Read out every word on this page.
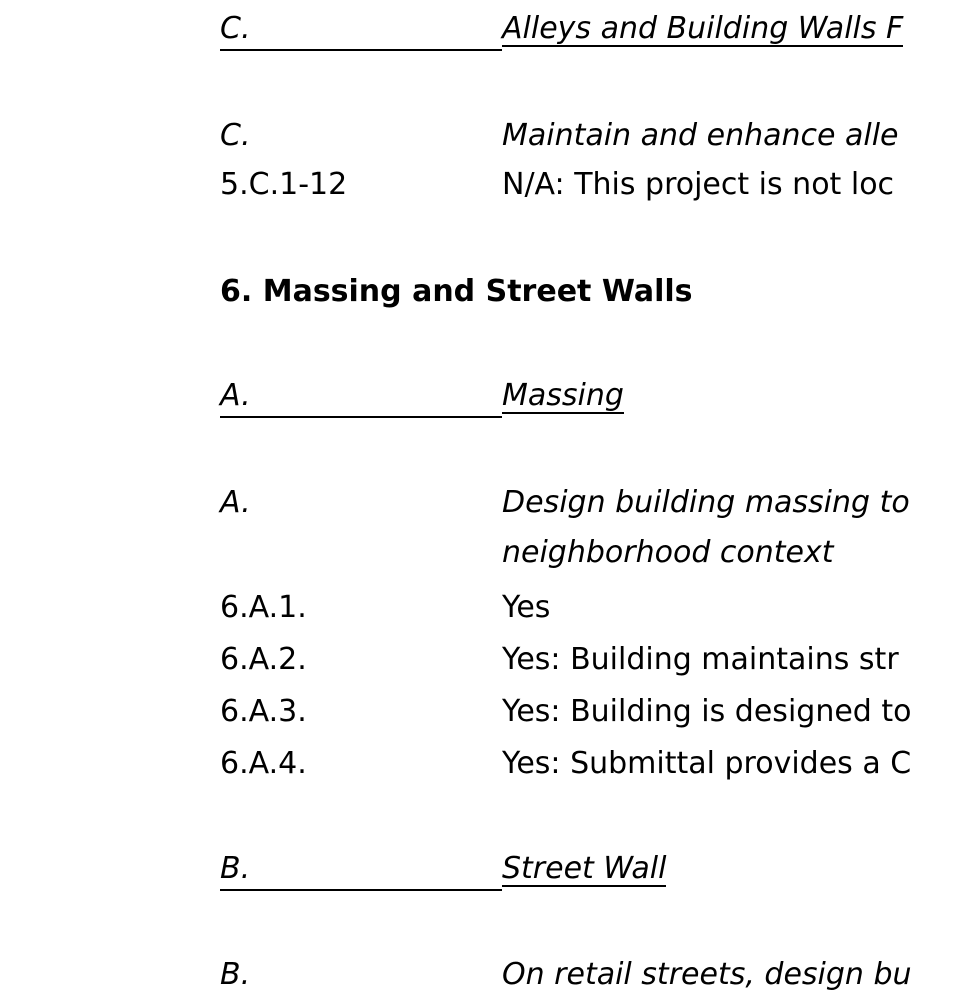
C.	Alleys and Building Walls F
C.	Maintain and enhance alle
5.C.1-12	N/A: This project is not loc
6. Massing and Street Walls
A.	Massing
A.	Design building massing to
neighborhood context
6.A.1.	Yes
6.A.2.	Yes: Building maintains str
6.A.3.	Yes: Building is designed to
6.A.4.	Yes: Submittal provides a C
B.	Street Wall
B.	On retail streets, design bu
